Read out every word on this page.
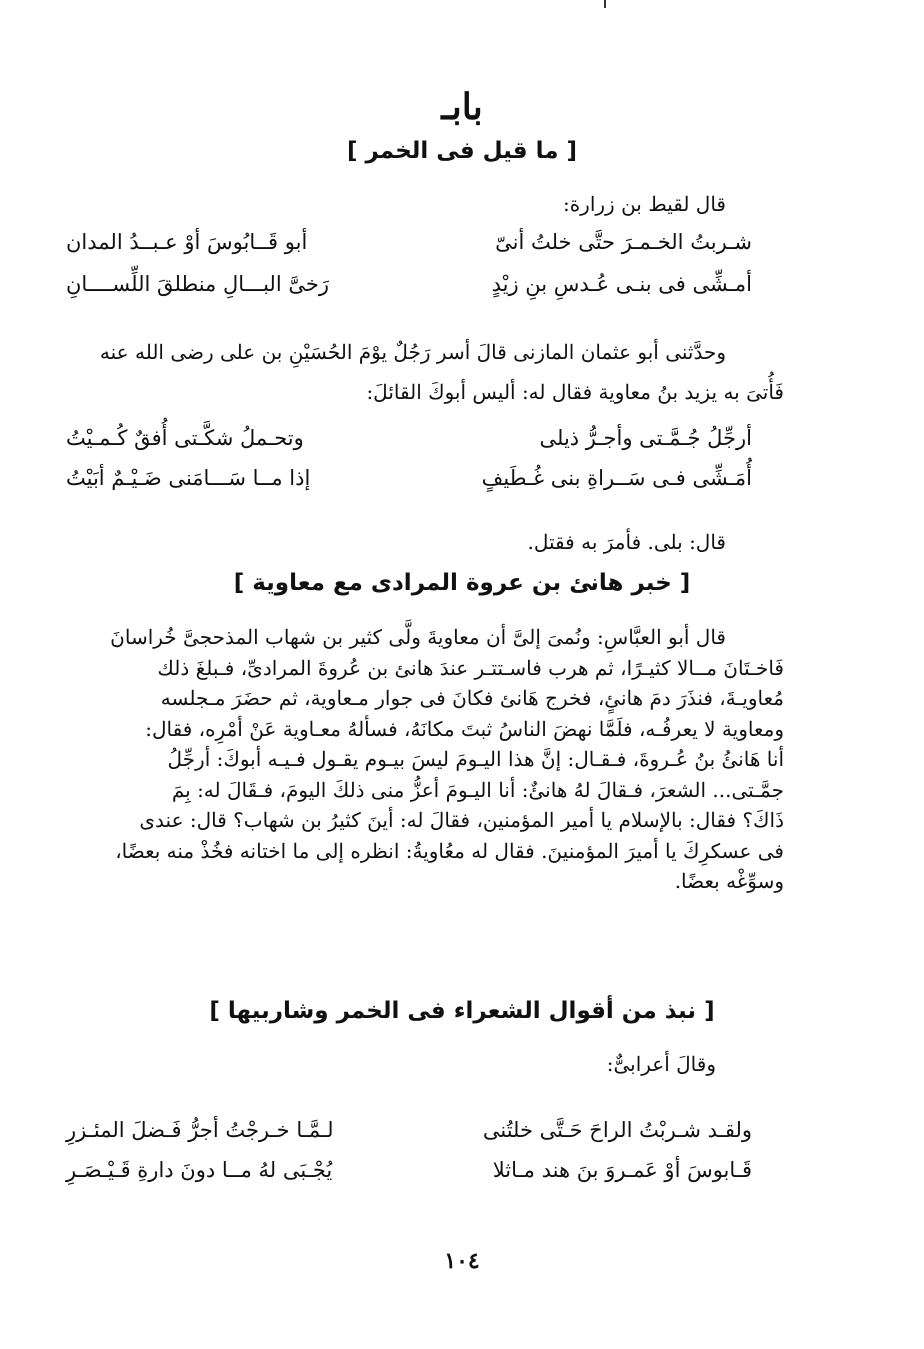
بابـ
[ ما قيل فى الخمر ]
قال لقيط بن زرارة:
شـربتُ الخـمـرَ حتَّى خلتُ أنىّ
أبو قَــابُوسَ أوْ عـبــدُ المدان
أمـشِّى فى بنـى عُـدسِ بنِ زيْدٍ
رَخىَّ البـــالِ منطلقَ اللِّســــانِ
وحدَّثنى أبو عثمان المازنى قالَ أسر رَجُلٌ يوْمَ الحُسَيْنِ بن على رضى الله عنه
فَأُتىَ به يزيد بنُ معاوية فقال له: أليس أبوكَ القائلَ:
أرجِّلُ جُـمَّـتى وأجـرُّ ذيلى
وتحـملُ شكَّـتى أُفقٌ كُـمـيْتُ
أُمَـشِّى فـى سَــراةِ بنى غُـطَيفٍ
إذا مــا سَـــامَنى ضَـيْـمٌ أبَيْتُ
قال: بلى. فأمرَ به فقتل.
[ خبر هانئ بن عروة المرادى مع معاوية ]

قال أبو العبَّاسِ: ونُمىَ إلىَّ أن معاويةَ ولَّى كثير بن شهاب المذحجىَّ خُراسانَ

فَاخـتَانَ مــالا كثيـرًا، ثم هرب فاسـتتـر عندَ هانئ بن عُروةَ المرادىِّ، فـبلغَ ذلك

مُعاويـةَ، فنذَرَ دمَ هانئٍ، فخرج هَانئ فكانَ فى جوار مـعاوية، ثم حضَرَ مـجلسه

ومعاوية لا يعرفُـه، فلَمَّا نهضَ الناسُ ثبتَ مكانَهُ، فسألهُ معـاوية عَنْ أمْرِه، فقال:

أنا هَانئُ بنُ عُـروةَ، فـقـال: إنَّ هذا اليـومَ ليسَ بيـوم يقـول فـيـه أبوكَ: أرجِّلُ

جمَّـتى... الشعرَ، فـقالَ لهُ هانئٌ: أنا اليـومَ أعزُّ منى ذلكَ اليومَ، فـقَالَ له: بِمَ

ذَاكَ؟ فقال: بالإسلام يا أمير المؤمنين، فقالَ له: أينَ كثيرُ بن شهاب؟ قال: عندى

فى عسكرِكَ يا أميرَ المؤمنينَ. فقال له معُاويةُ: انظره إلى ما اختانه فخُذْ منه بعضًا،

وسوِّغْه بعضًا.

[ نبذ من أقوال الشعراء فى الخمر وشاربيها ]
وقالَ أعرابىٌّ:
ولقـد شـربْتُ الراحَ حَـتَّى خلتُنى
لـمَّـا خـرجْتُ أجرُّ فَـضلَ المئـزرِ
قَـابوسَ أوْ عَمـروَ بنَ هند مـاثلا
يُجْـبَى لهُ مــا دونَ دارةِ قَـيْـصَـرِ
١٠٤
